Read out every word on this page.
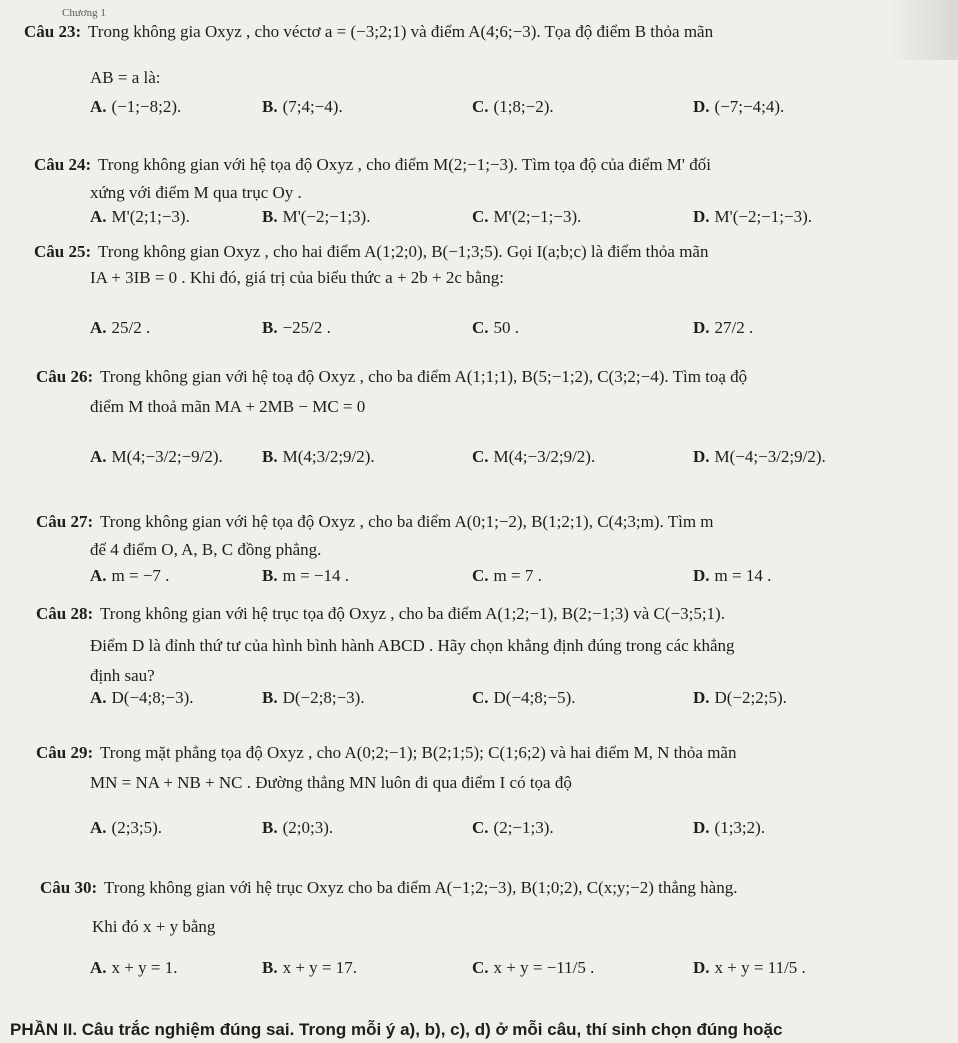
Chương 1
Câu 23: Trong không gia Oxyz , cho véctơ a = (−3;2;1) và điểm A(4;6;−3). Tọa độ điểm B thỏa mãn
AB = a là:
A. (−1;−8;2).	B. (7;4;−4).	C. (1;8;−2).	D. (−7;−4;4).
Câu 24: Trong không gian với hệ tọa độ Oxyz , cho điểm M(2;−1;−3). Tìm tọa độ của điểm M' đối
xứng với điểm M qua trục Oy .
A. M'(2;1;−3).	B. M'(−2;−1;3).	C. M'(2;−1;−3).	D. M'(−2;−1;−3).
Câu 25: Trong không gian Oxyz , cho hai điểm A(1;2;0), B(−1;3;5). Gọi I(a;b;c) là điểm thỏa mãn
IA + 3IB = 0 . Khi đó, giá trị của biểu thức a + 2b + 2c bằng:
A. 25/2 .	B. −25/2 .	C. 50 .	D. 27/2 .
Câu 26: Trong không gian với hệ toạ độ Oxyz , cho ba điểm A(1;1;1), B(5;−1;2), C(3;2;−4). Tìm toạ độ
điểm M thoả mãn MA + 2MB − MC = 0
A. M(4;−3/2;−9/2). B. M(4;3/2;9/2).	C. M(4;−3/2;9/2).	D. M(−4;−3/2;9/2).
Câu 27: Trong không gian với hệ tọa độ Oxyz , cho ba điểm A(0;1;−2), B(1;2;1), C(4;3;m). Tìm m
để 4 điểm O, A, B, C đồng phẳng.
A. m = −7 .	B. m = −14 .	C. m = 7 .	D. m = 14 .
Câu 28: Trong không gian với hệ trục tọa độ Oxyz , cho ba điểm A(1;2;−1), B(2;−1;3) và C(−3;5;1).
Điểm D là đỉnh thứ tư của hình bình hành ABCD . Hãy chọn khẳng định đúng trong các khẳng
định sau?
A. D(−4;8;−3).	B. D(−2;8;−3).	C. D(−4;8;−5).	D. D(−2;2;5).
Câu 29: Trong mặt phẳng tọa độ Oxyz , cho A(0;2;−1); B(2;1;5); C(1;6;2) và hai điểm M, N thỏa mãn
MN = NA + NB + NC . Đường thẳng MN luôn đi qua điểm I có tọa độ
A. (2;3;5).	B. (2;0;3).	C. (2;−1;3).	D. (1;3;2).
Câu 30: Trong không gian với hệ trục Oxyz cho ba điểm A(−1;2;−3), B(1;0;2), C(x;y;−2) thẳng hàng.
Khi đó x + y bằng
A. x + y = 1.	B. x + y = 17.	C. x + y = −11/5 .	D. x + y = 11/5 .
PHẦN II. Câu trắc nghiệm đúng sai. Trong mỗi ý a), b), c), d) ở mỗi câu, thí sinh chọn đúng hoặc
